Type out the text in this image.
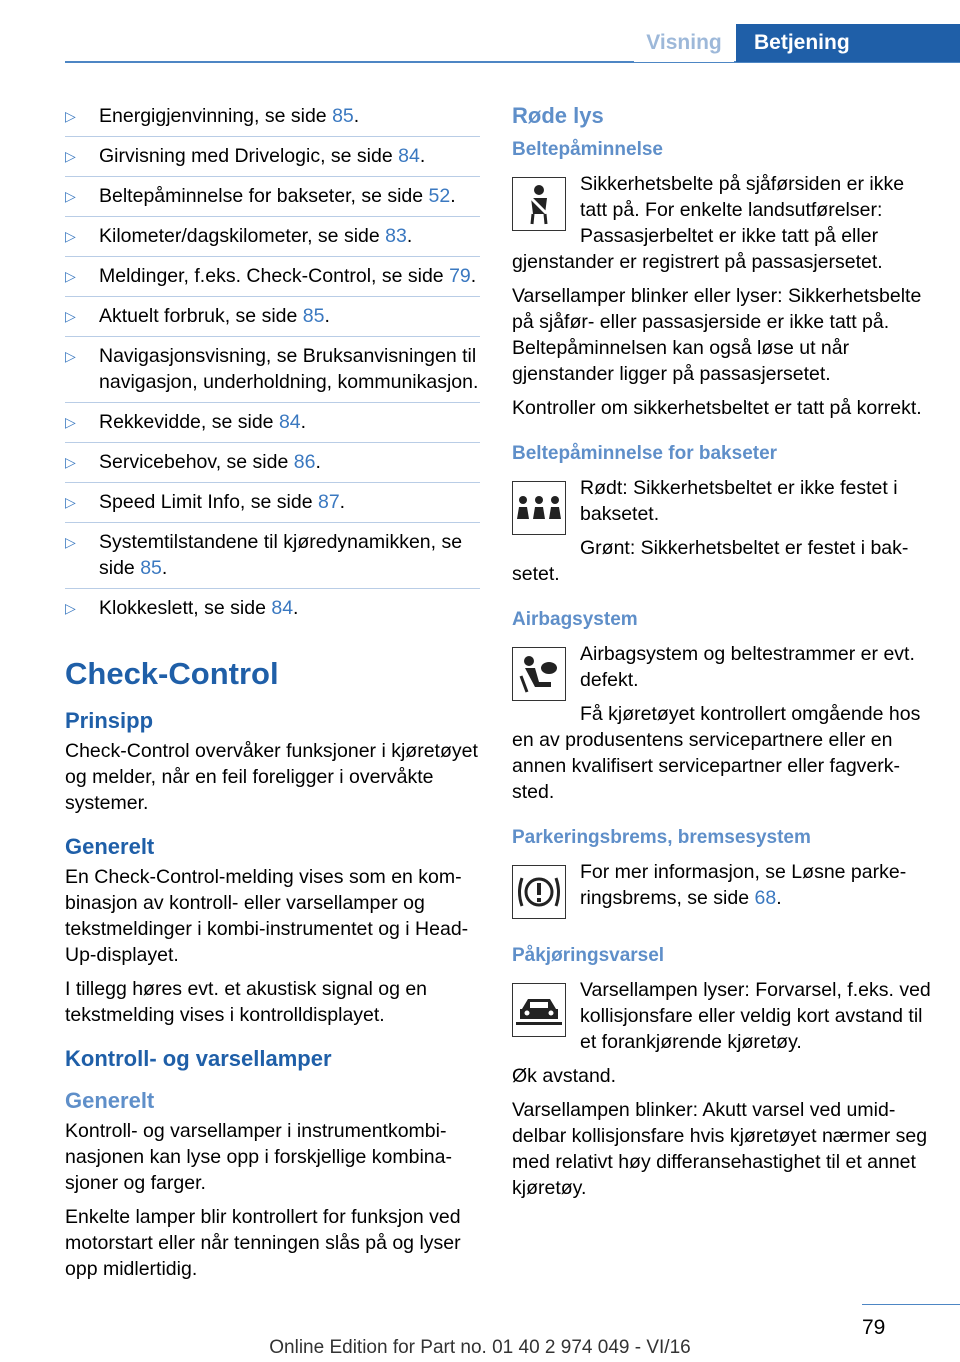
Visning	Betjening
▷ Energigjenvinning, se side 85.
▷ Girvisning med Drivelogic, se side 84.
▷ Beltepåminnelse for bakseter, se side 52.
▷ Kilometer/dagskilometer, se side 83.
▷ Meldinger, f.eks. Check-Control, se side 79.
▷ Aktuelt forbruk, se side 85.
▷ Navigasjonsvisning, se Bruksanvisningen til navigasjon, underholdning, kommunikasjon.
▷ Rekkevidde, se side 84.
▷ Servicebehov, se side 86.
▷ Speed Limit Info, se side 87.
▷ Systemtilstandene til kjøredynamikken, se side 85.
▷ Klokkeslett, se side 84.
Check-Control
Prinsipp

Check-Control overvåker funksjoner i kjøretøyet og melder, når en feil foreligger i overvåkte systemer.

Generelt

En Check-Control-melding vises som en kombinasjon av kontroll- eller varsellamper og tekstmeldinger i kombi-instrumentet og i Head-Up-displayet.

I tillegg høres evt. et akustisk signal og en tekstmelding vises i kontrolldisplayet.

Kontroll- og varsellamper
Generelt

Kontroll- og varsellamper i instrumentkombinasjonen kan lyse opp i forskjellige kombinasjoner og farger.

Enkelte lamper blir kontrollert for funksjon ved motorstart eller når tenningen slås på og lyser opp midlertidig.

Røde lys
Beltepåminnelse

Sikkerhetsbelte på sjåførsiden er ikke tatt på. For enkelte landsutførelser: Passasjerbeltet er ikke tatt på eller gjenstander er registrert på passasjersetet.

Varsellamper blinker eller lyser: Sikkerhetsbelte på sjåfør- eller passasjerside er ikke tatt på. Beltepåminnelsen kan også løse ut når gjenstander ligger på passasjersetet.

Kontroller om sikkerhetsbeltet er tatt på korrekt.

Beltepåminnelse for bakseter

Rødt: Sikkerhetsbeltet er ikke festet i baksetet.

Grønt: Sikkerhetsbeltet er festet i baksetet.

Airbagsystem

Airbagsystem og beltestrammer er evt. defekt.

Få kjøretøyet kontrollert omgående hos en av produsentens servicepartnere eller en annen kvalifisert servicepartner eller fagverksted.

Parkeringsbrems, bremsesystem

For mer informasjon, se Løsne parkeringsbrems, se side 68.

Påkjøringsvarsel

Varsellampen lyser: Forvarsel, f.eks. ved kollisjonsfare eller veldig kort avstand til et forankjørende kjøretøy.

Øk avstand.

Varsellampen blinker: Akutt varsel ved umiddelbar kollisjonsfare hvis kjøretøyet nærmer seg med relativt høy differansehastighet til et annet kjøretøy.

79
Online Edition for Part no. 01 40 2 974 049 - VI/16
